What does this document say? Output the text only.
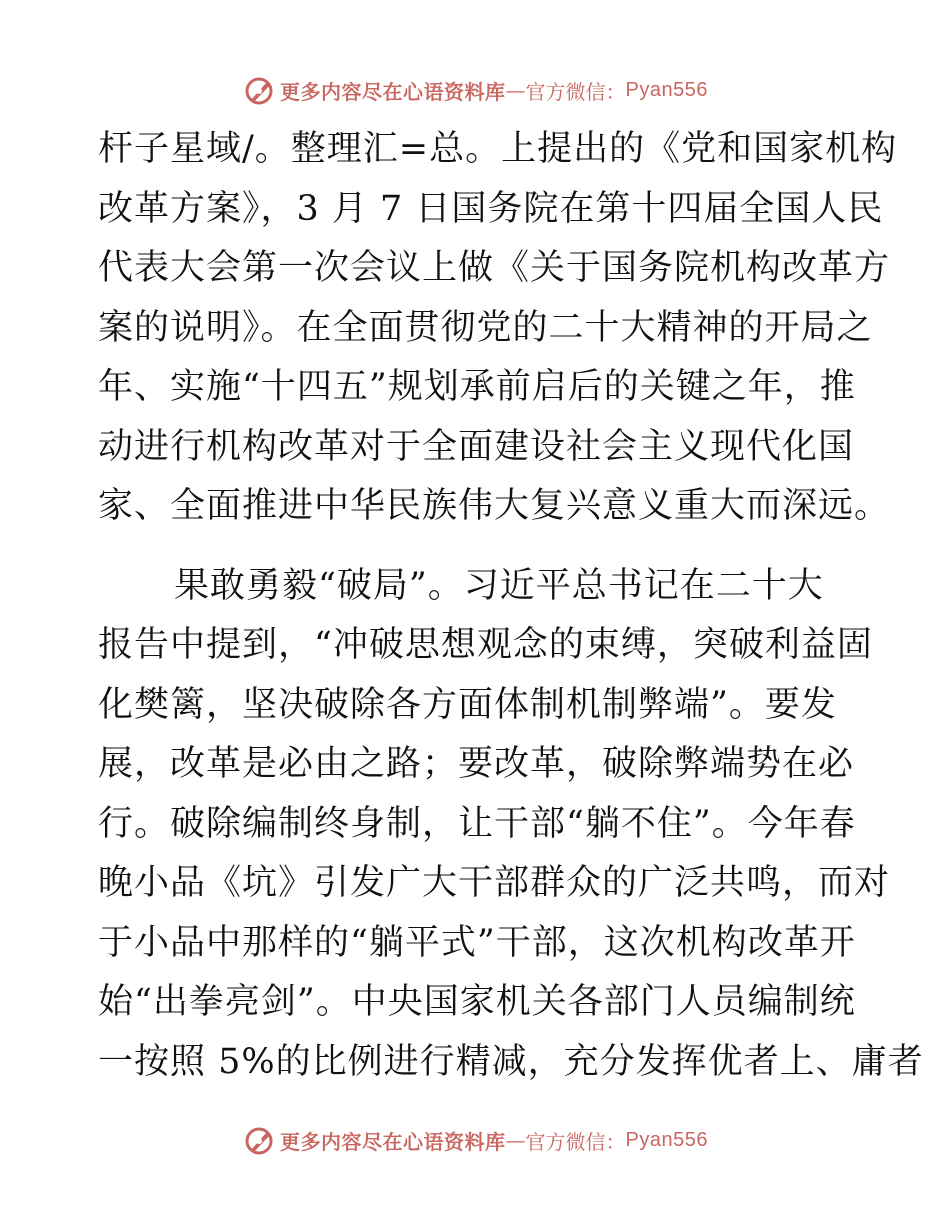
更多内容尽在心语资料库 — 官方微信： Pyan556
杆子星域/。整理汇=总。上提出的《党和国家机构
改革方案》，3 月 7 日国务院在第十四届全国人民
代表大会第一次会议上做《关于国务院机构改革方
案的说明》。在全面贯彻党的二十大精神的开局之
年、实施“十四五”规划承前启后的关键之年，推
动进行机构改革对于全面建设社会主义现代化国
家、全面推进中华民族伟大复兴意义重大而深远。
果敢勇毅“破局”。习近平总书记在二十大
报告中提到，“冲破思想观念的束缚，突破利益固
化樊篱，坚决破除各方面体制机制弊端”。要发
展，改革是必由之路；要改革，破除弊端势在必
行。破除编制终身制，让干部“躺不住”。今年春
晚小品《坑》引发广大干部群众的广泛共鸣，而对
于小品中那样的“躺平式”干部，这次机构改革开
始“出拳亮剑”。中央国家机关各部门人员编制统
一按照 5%的比例进行精减，充分发挥优者上、庸者
更多内容尽在心语资料库 — 官方微信： Pyan556
